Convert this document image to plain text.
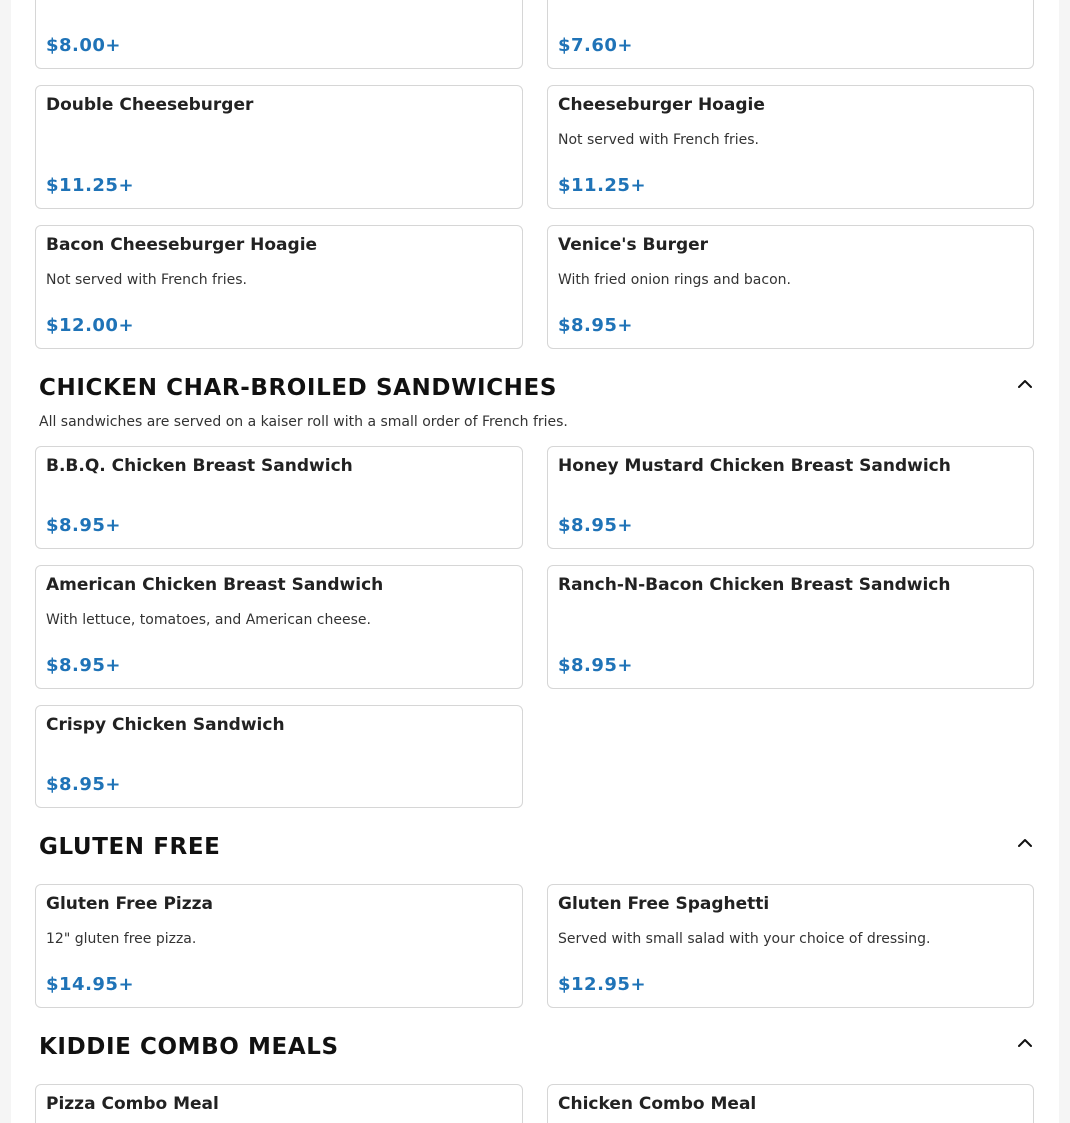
$8.00+	$7.60+
Double Cheeseburger
$11.25+
Cheeseburger Hoagie
Not served with French fries.
$11.25+
Bacon Cheeseburger Hoagie
Not served with French fries.
$12.00+
Venice's Burger
With fried onion rings and bacon.
$8.95+
CHICKEN CHAR-BROILED SANDWICHES
All sandwiches are served on a kaiser roll with a small order of French fries.
B.B.Q. Chicken Breast Sandwich
$8.95+
Honey Mustard Chicken Breast Sandwich
$8.95+
American Chicken Breast Sandwich
With lettuce, tomatoes, and American cheese.
$8.95+
Ranch-N-Bacon Chicken Breast Sandwich
$8.95+
Crispy Chicken Sandwich
$8.95+
GLUTEN FREE
Gluten Free Pizza
12" gluten free pizza.
$14.95+
Gluten Free Spaghetti
Served with small salad with your choice of dressing.
$12.95+
KIDDIE COMBO MEALS
Pizza Combo Meal	Chicken Combo Meal
